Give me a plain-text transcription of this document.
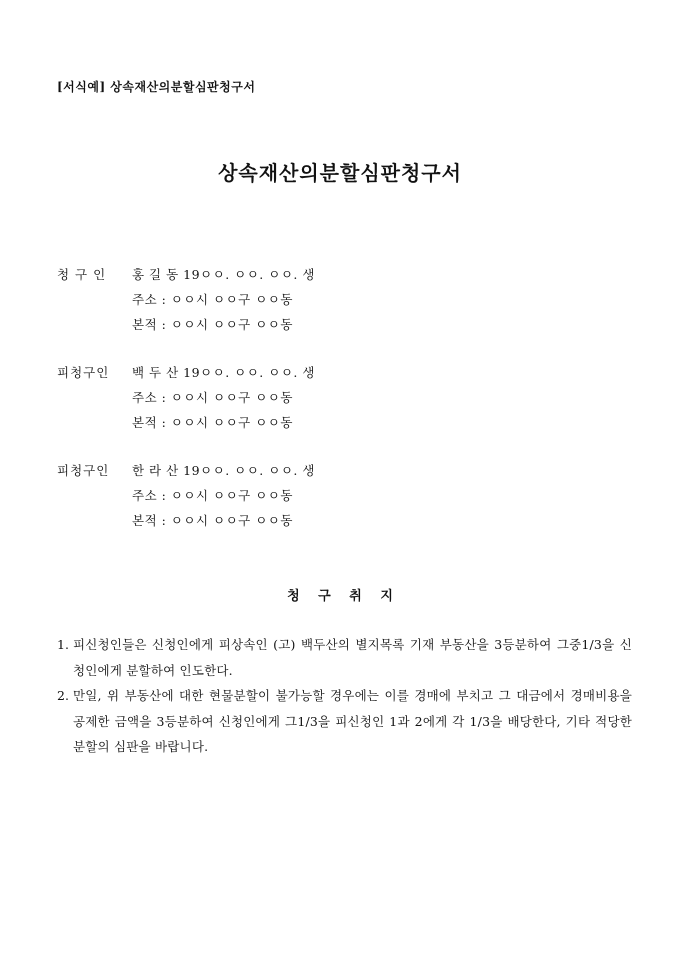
[서식예] 상속재산의분할심판청구서
상속재산의분할심판청구서
청 구 인 홍 길 동 19ㅇㅇ. ㅇㅇ. ㅇㅇ. 생
주소 : ㅇㅇ시 ㅇㅇ구 ㅇㅇ동
본적 : ㅇㅇ시 ㅇㅇ구 ㅇㅇ동
피청구인 백 두 산 19ㅇㅇ. ㅇㅇ. ㅇㅇ. 생
주소 : ㅇㅇ시 ㅇㅇ구 ㅇㅇ동
본적 : ㅇㅇ시 ㅇㅇ구 ㅇㅇ동
피청구인 한 라 산 19ㅇㅇ. ㅇㅇ. ㅇㅇ. 생
주소 : ㅇㅇ시 ㅇㅇ구 ㅇㅇ동
본적 : ㅇㅇ시 ㅇㅇ구 ㅇㅇ동
청 구 취 지
1. 피신청인들은 신청인에게 피상속인 (고) 백두산의 별지목록 기재 부동산을 3등분하여 그중1/3을 신청인에게 분할하여 인도한다.
2. 만일, 위 부동산에 대한 현물분할이 불가능할 경우에는 이를 경매에 부치고 그 대금에서 경매비용을 공제한 금액을 3등분하여 신청인에게 그1/3을 피신청인 1과 2에게 각 1/3을 배당한다, 기타 적당한 분할의 심판을 바랍니다.
